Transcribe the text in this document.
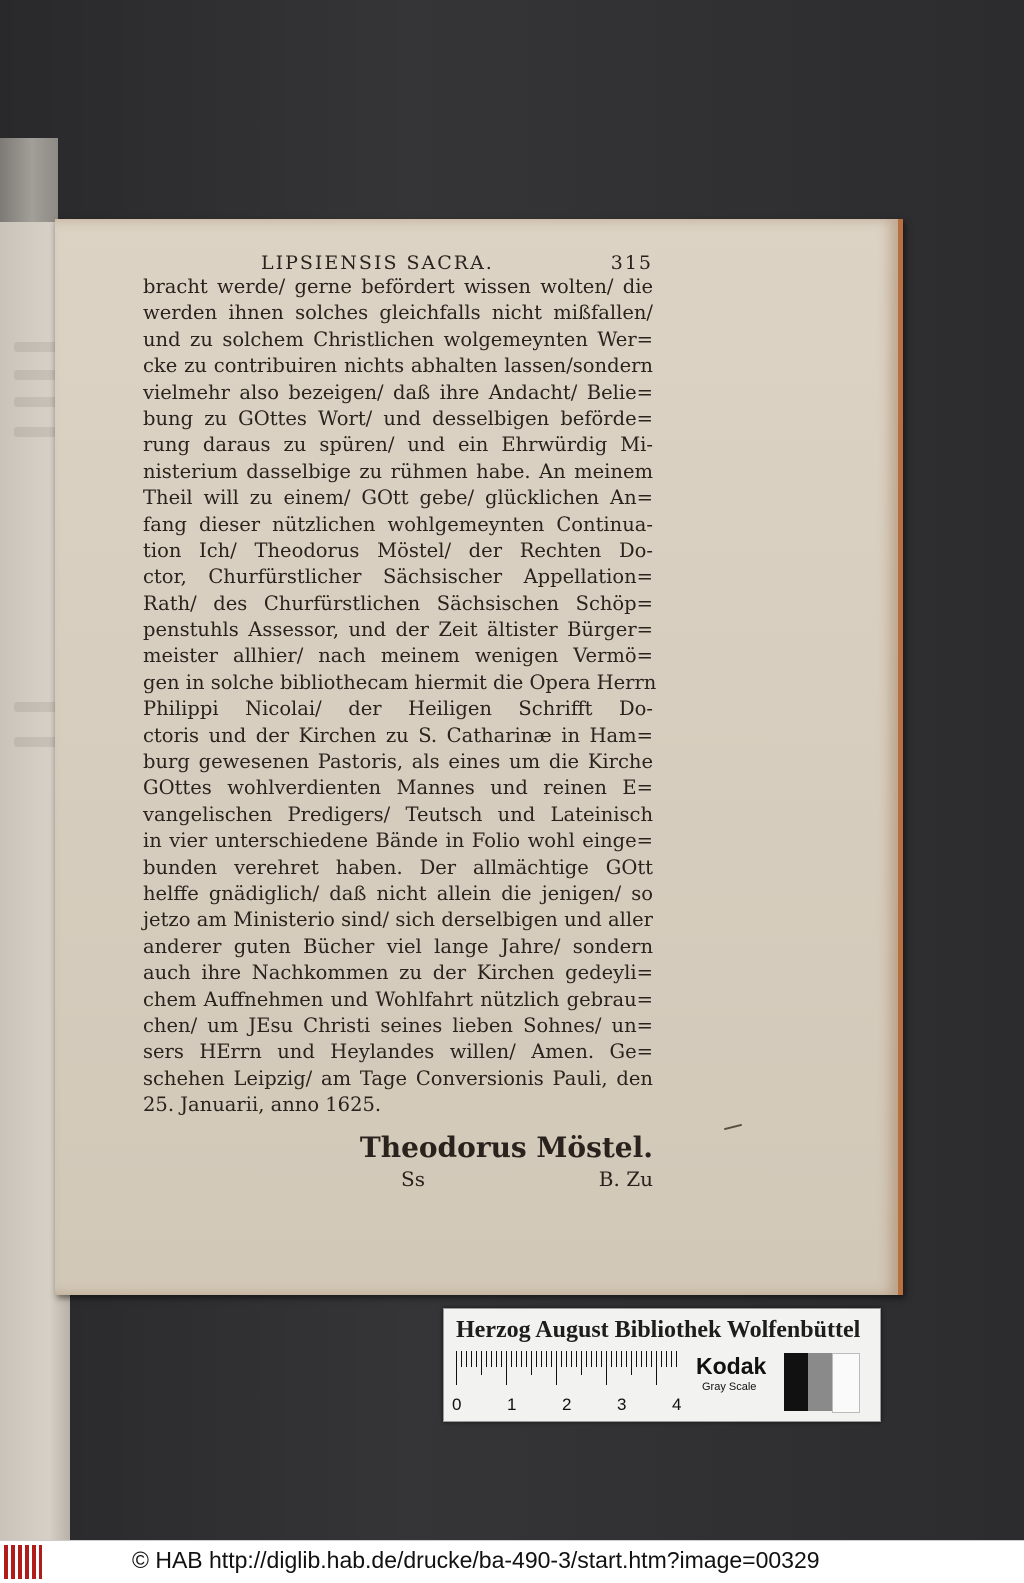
LIPSIENSIS SACRA.	315
bracht werde/ gerne befördert wissen wolten/ die
werden ihnen solches gleichfalls nicht mißfallen/
und zu solchem Christlichen wolgemeynten Wer=
cke zu contribuiren nichts abhalten lassen/sondern
vielmehr also bezeigen/ daß ihre Andacht/ Belie=
bung zu GOttes Wort/ und desselbigen beförde=
rung daraus zu spüren/ und ein Ehrwürdig Mi-
nisterium dasselbige zu rühmen habe. An meinem
Theil will zu einem/ GOtt gebe/ glücklichen An=
fang dieser nützlichen wohlgemeynten Continua-
tion Ich/ Theodorus Möstel/ der Rechten Do-
ctor, Churfürstlicher Sächsischer Appellation=
Rath/ des Churfürstlichen Sächsischen Schöp=
penstuhls Assessor, und der Zeit ältister Bürger=
meister allhier/ nach meinem wenigen Vermö=
gen in solche bibliothecam hiermit die Opera Herrn
Philippi Nicolai/ der Heiligen Schrifft Do-
ctoris und der Kirchen zu S. Catharinæ in Ham=
burg gewesenen Pastoris, als eines um die Kirche
GOttes wohlverdienten Mannes und reinen E=
vangelischen Predigers/ Teutsch und Lateinisch
in vier unterschiedene Bände in Folio wohl einge=
bunden verehret haben. Der allmächtige GOtt
helffe gnädiglich/ daß nicht allein die jenigen/ so
jetzo am Ministerio sind/ sich derselbigen und aller
anderer guten Bücher viel lange Jahre/ sondern
auch ihre Nachkommen zu der Kirchen gedeyli=
chem Auffnehmen und Wohlfahrt nützlich gebrau=
chen/ um JEsu Christi seines lieben Sohnes/ un=
sers HErrn und Heylandes willen/ Amen. Ge=
schehen Leipzig/ am Tage Conversionis Pauli, den
25. Januarii, anno 1625.
Theodorus Möstel.
Ss	B. Zu
Herzog August Bibliothek Wolfenbüttel
0	1	2	3	4
Kodak
Gray Scale
© HAB http://diglib.hab.de/drucke/ba-490-3/start.htm?image=00329
